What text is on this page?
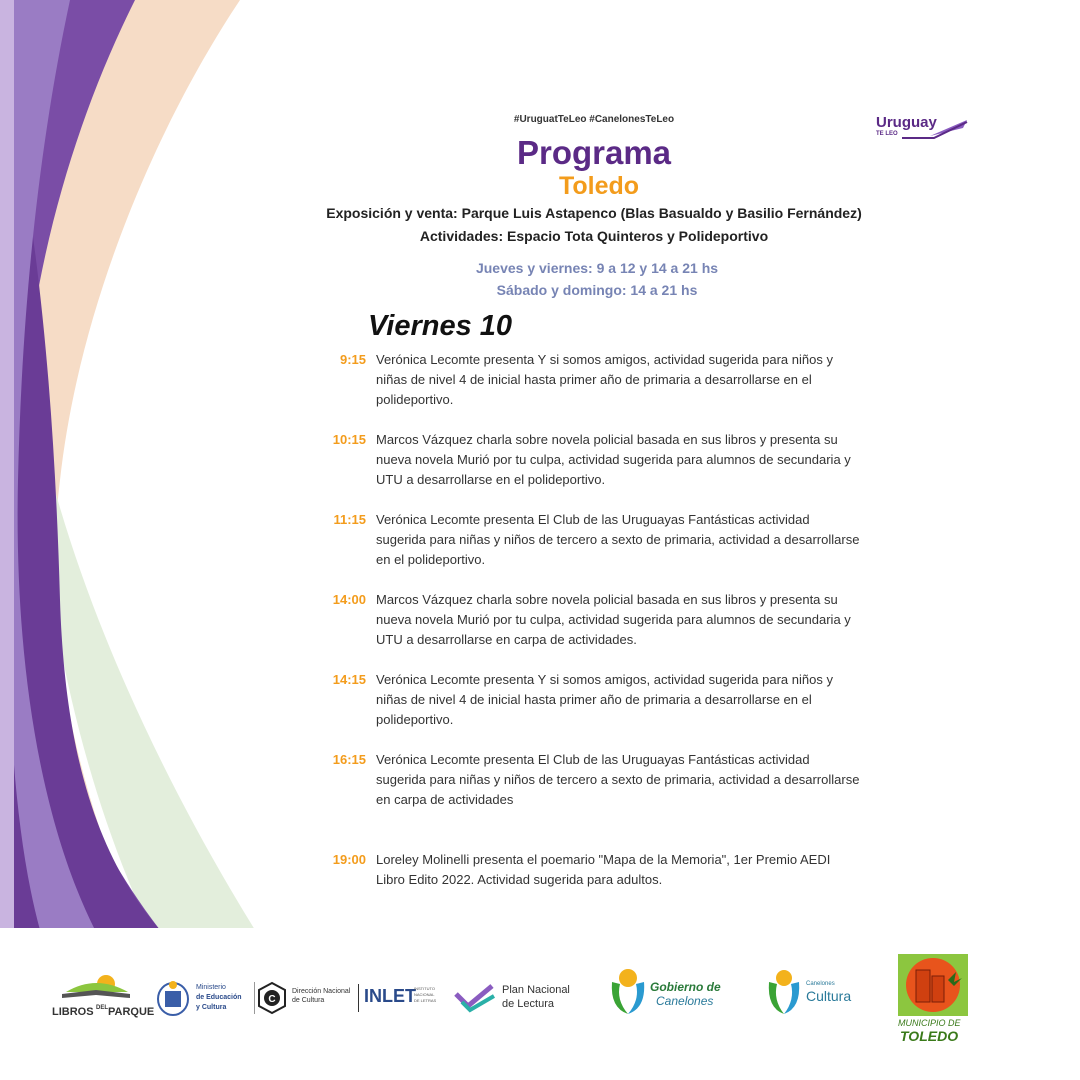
#UruguatTeLeo #CanelonesTeLeo	Uruguay
TE LEO
Programa
Toledo
Exposición y venta: Parque Luis Astapenco (Blas Basualdo y Basilio Fernández)
Actividades: Espacio Tota Quinteros y Polideportivo
Jueves y viernes: 9 a 12 y 14 a 21 hs
Sábado y domingo: 14 a 21 hs
Viernes 10
9:15 Verónica Lecomte presenta Y si somos amigos, actividad sugerida para niños y niñas de nivel 4 de inicial hasta primer año de primaria a desarrollarse en el polideportivo.
10:15 Marcos Vázquez charla sobre novela policial basada en sus libros y presenta su nueva novela Murió por tu culpa, actividad sugerida para alumnos de secundaria y UTU a desarrollarse en el polideportivo.
11:15 Verónica Lecomte presenta El Club de las Uruguayas Fantásticas actividad sugerida para niñas y niños de tercero a sexto de primaria, actividad a desarrollarse en el polideportivo.
14:00 Marcos Vázquez charla sobre novela policial basada en sus libros y presenta su nueva novela Murió por tu culpa, actividad sugerida para alumnos de secundaria y UTU a desarrollarse en carpa de actividades.
14:15 Verónica Lecomte presenta Y si somos amigos, actividad sugerida para niños y niñas de nivel 4 de inicial hasta primer año de primaria a desarrollarse en el polideportivo.
16:15 Verónica Lecomte presenta El Club de las Uruguayas Fantásticas actividad sugerida para niñas y niños de tercero a sexto de primaria, actividad a desarrollarse en carpa de actividades
19:00 Loreley Molinelli presenta el poemario "Mapa de la Memoria", 1er Premio AEDI Libro Edito 2022. Actividad sugerida para adultos.
LIBROS DEL PARQUE
Ministerio
de Educación
y Cultura
C
Dirección Nacional
de Cultura INLET
INSTITUTO
NACIONAL
DE LETRAS
Plan Nacional
de Lectura
Gobierno de
Canelones
Canelones
Cultura
MUNICIPIO DE
TOLEDO
